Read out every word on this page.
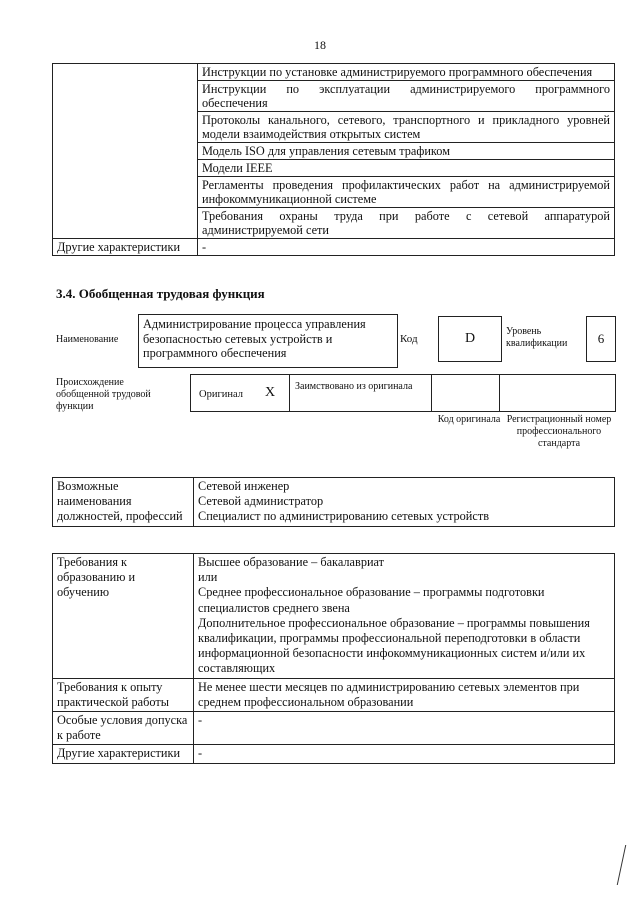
18
	Инструкции по установке администрируемого программного обеспечения
	Инструкции по эксплуатации администрируемого программного обеспечения
	Протоколы канального, сетевого, транспортного и прикладного уровней модели взаимодействия открытых систем
	Модель ISO для управления сетевым трафиком
	Модели IEEE
	Регламенты проведения профилактических работ на администрируемой инфокоммуникационной системе
	Требования охраны труда при работе с сетевой аппаратурой администрируемой сети
Другие характеристики	-
3.4. Обобщенная трудовая функция
Наименование
Администрирование процесса управления безопасностью сетевых устройств и программного обеспечения
Код	D	Уровень квалификации	6
Происхождение обобщенной трудовой функции
Оригинал X Заимствовано из оригинала
Код оригинала Регистрационный номер профессионального стандарта
Возможные наименования должностей, профессий	
Сетевой инженер
Сетевой администратор
Специалист по администрированию сетевых устройств
Требования к образованию и обучению	Высшее образование – бакалавриат
или
Среднее профессиональное образование – программы подготовки специалистов среднего звена
Дополнительное профессиональное образование – программы повышения квалификации, программы профессиональной переподготовки в области информационной безопасности инфокоммуникационных систем и/или их составляющих

Требования к опыту практической работы	Не менее шести месяцев по администрированию сетевых элементов при среднем профессиональном образовании

Особые условия допуска к работе	-

Другие характеристики	-
